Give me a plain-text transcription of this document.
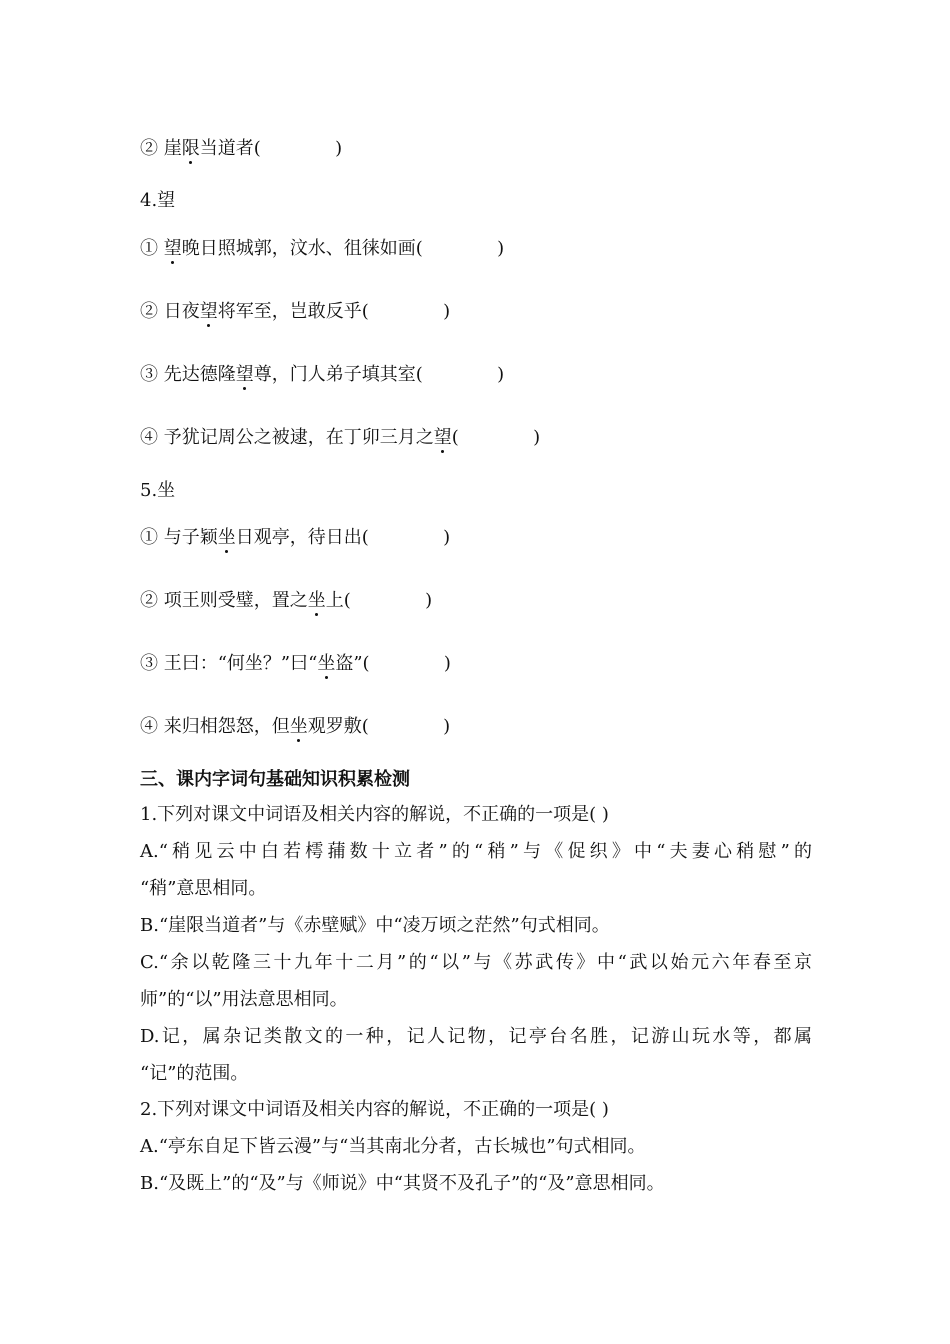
② 崖限当道者(             )
4.望
① 望晚日照城郭，汶水、徂徕如画(             )
② 日夜望将军至，岂敢反乎(             )
③ 先达德隆望尊，门人弟子填其室(             )
④ 予犹记周公之被逮，在丁卯三月之望(             )
5.坐
① 与子颖坐日观亭，待日出(             )
② 项王则受璧，置之坐上(             )
③ 王曰：“何坐？”曰“坐盗”(             )
④ 来归相怨怒，但坐观罗敷(             )
三、课内字词句基础知识积累检测
1.下列对课文中词语及相关内容的解说，不正确的一项是( )
A.“稍见云中白若樗蒱数十立者”的“稍”与《促织》中“夫妻心稍慰”的
“稍”意思相同。
B.“崖限当道者”与《赤壁赋》中“凌万顷之茫然”句式相同。
C.“余以乾隆三十九年十二月”的“以”与《苏武传》中“武以始元六年春至京
师”的“以”用法意思相同。
D.记，属杂记类散文的一种，记人记物，记亭台名胜，记游山玩水等，都属
“记”的范围。
2.下列对课文中词语及相关内容的解说，不正确的一项是( )
A.“亭东自足下皆云漫”与“当其南北分者，古长城也”句式相同。
B.“及既上”的“及”与《师说》中“其贤不及孔子”的“及”意思相同。
